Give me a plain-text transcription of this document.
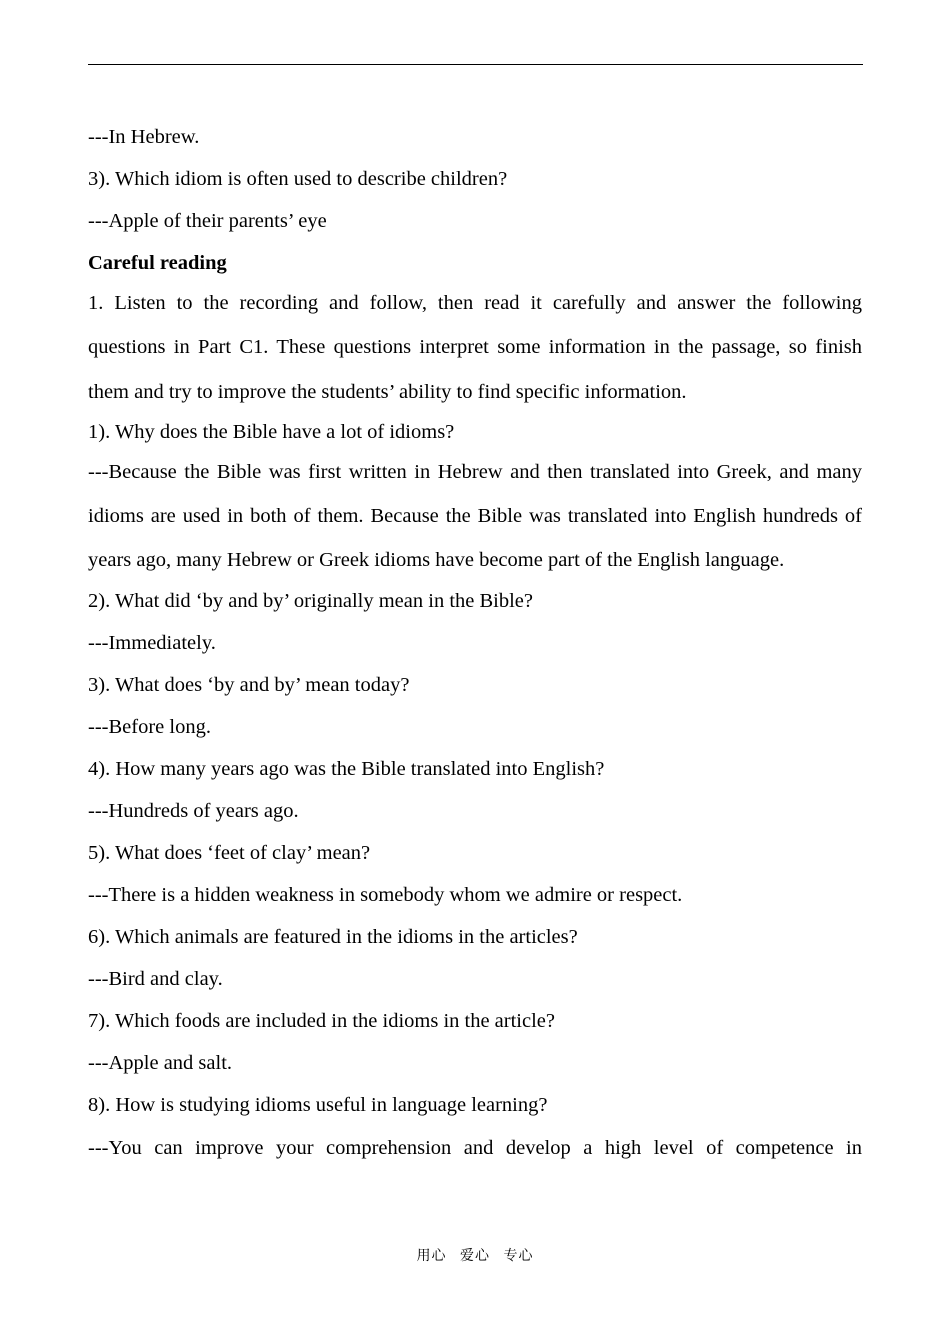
---In Hebrew.
3). Which idiom is often used to describe children?
---Apple of their parents’ eye
Careful reading

1. Listen to the recording and follow, then read it carefully and answer the following questions in Part C1. These questions interpret some information in the passage, so finish them and try to improve the students’ ability to find specific information.

1). Why does the Bible have a lot of idioms?

---Because the Bible was first written in Hebrew and then translated into Greek, and many idioms are used in both of them. Because the Bible was translated into English hundreds of years ago, many Hebrew or Greek idioms have become part of the English language.

2). What did ‘by and by’ originally mean in the Bible?
---Immediately.
3). What does ‘by and by’ mean today?
---Before long.
4). How many years ago was the Bible translated into English?
---Hundreds of years ago.
5). What does ‘feet of clay’ mean?
---There is a hidden weakness in somebody whom we admire or respect.
6). Which animals are featured in the idioms in the articles?
---Bird and clay.
7). Which foods are included in the idioms in the article?
---Apple and salt.
8). How is studying idioms useful in language learning?
---You can improve your comprehension and develop a high level of competence in
用心 爱心 专心
